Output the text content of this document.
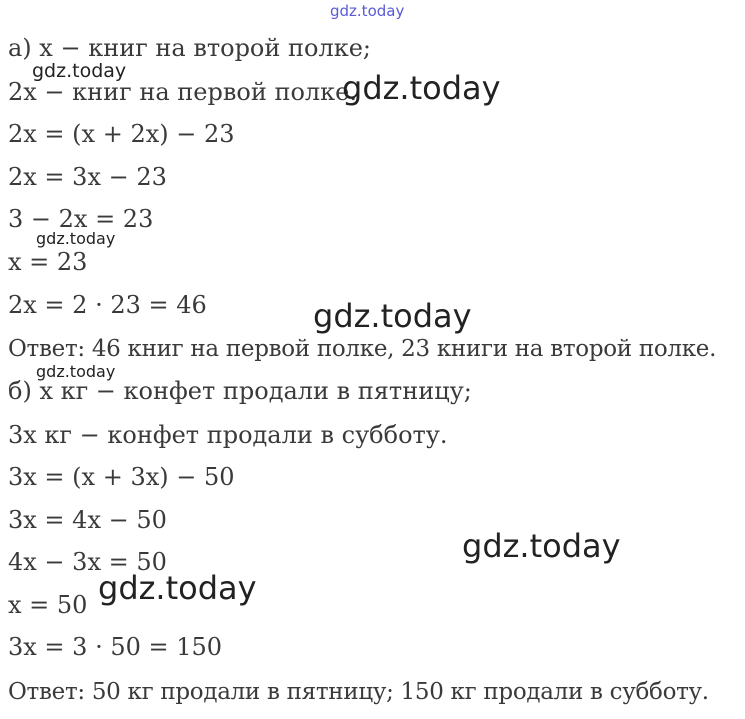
а) x − книг на второй полке;
2x − книг на первой полке.
2x = (x + 2x) − 23
2x = 3x − 23
3 − 2x = 23
x = 23
2x = 2 · 23 = 46
Ответ: 46 книг на первой полке, 23 книги на второй полке.
б) x кг − конфет продали в пятницу;
3x кг − конфет продали в субботу.
3x = (x + 3x) − 50
3x = 4x − 50
4x − 3x = 50
x = 50
3x = 3 · 50 = 150
Ответ: 50 кг продали в пятницу; 150 кг продали в субботу.
gdz.today
gdz.today	gdz.today
gdz.today
gdz.today
gdz.today
gdz.today
gdz.today
